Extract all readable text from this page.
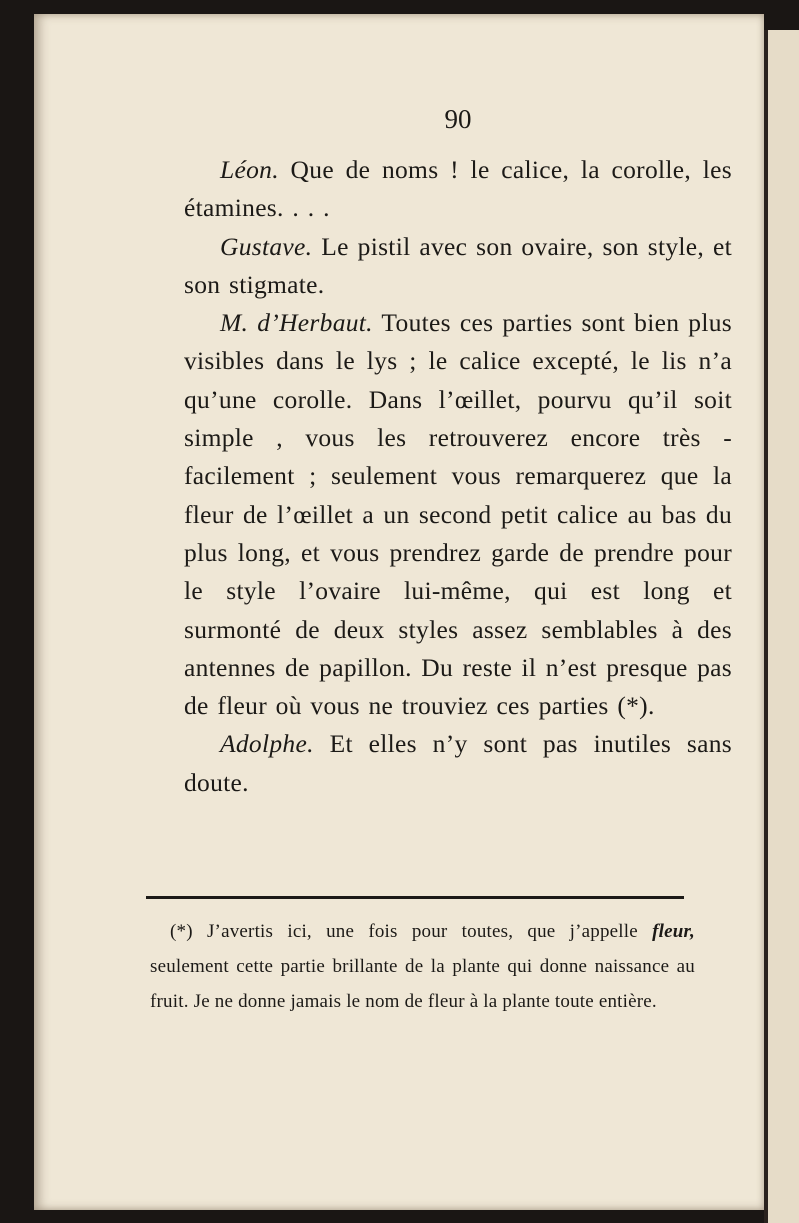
90

Léon. Que de noms ! le calice, la corolle, les étamines. . . .

Gustave. Le pistil avec son ovaire, son style, et son stigmate.

M. d’Herbaut. Toutes ces parties sont bien plus visibles dans le lys ; le calice excepté, le lis n’a qu’une corolle. Dans l’œillet, pourvu qu’il soit simple , vous les retrouverez encore très - facilement ; seulement vous remarquerez que la fleur de l’œillet a un second petit calice au bas du plus long, et vous prendrez garde de prendre pour le style l’ovaire lui-même, qui est long et surmonté de deux styles assez semblables à des antennes de papillon. Du reste il n’est presque pas de fleur où vous ne trouviez ces parties (*).

Adolphe. Et elles n’y sont pas inutiles sans doute.

(*) J’avertis ici, une fois pour toutes, que j’appelle fleur, seulement cette partie brillante de la plante qui donne naissance au fruit. Je ne donne jamais le nom de fleur à la plante toute entière.
